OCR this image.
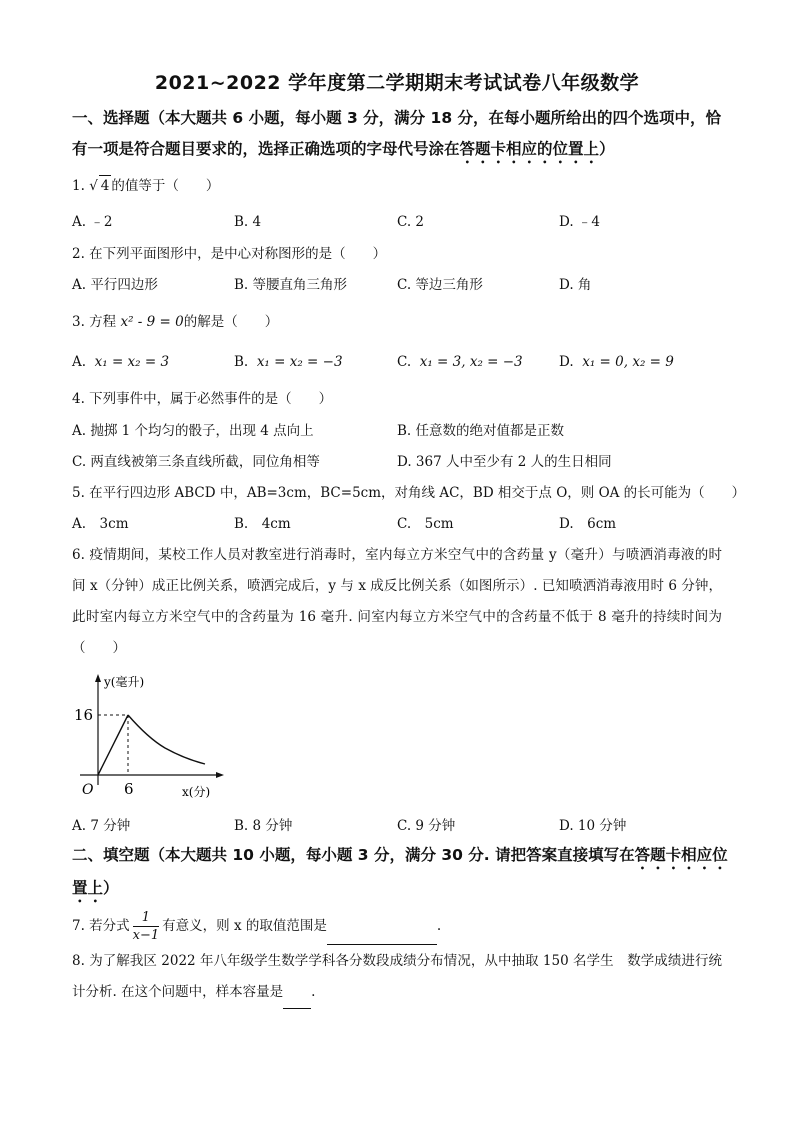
2021~2022 学年度第二学期期末考试试卷八年级数学
一、选择题（本大题共 6 小题，每小题 3 分，满分 18 分，在每小题所给出的四个选项中，恰有一项是符合题目要求的，选择正确选项的字母代号涂在答题卡相应的位置上）
1. √ 4 的值等于（　　）
A. ﹣2	B. 4	C. 2	D. ﹣4
2. 在下列平面图形中，是中心对称图形的是（　　）
A. 平行四边形	B. 等腰直角三角形	C. 等边三角形	D. 角
3. 方程 x² - 9 = 0的解是（　　）
A. x₁ = x₂ = 3	B. x₁ = x₂ = −3	C. x₁ = 3, x₂ = −3	D. x₁ = 0, x₂ = 9
4. 下列事件中，属于必然事件的是（　　）
A. 抛掷 1 个均匀的骰子，出现 4 点向上	B. 任意数的绝对值都是正数
C. 两直线被第三条直线所截，同位角相等	D. 367 人中至少有 2 人的生日相同
5. 在平行四边形 ABCD 中，AB=3cm，BC=5cm，对角线 AC，BD 相交于点 O，则 OA 的长可能为（　　）
A.　3cm	B.　4cm	C.　5cm	D.　6cm
6. 疫情期间，某校工作人员对教室进行消毒时，室内每立方米空气中的含药量 y（毫升）与喷洒消毒液的时间 x（分钟）成正比例关系，喷洒完成后，y 与 x 成反比例关系（如图所示）. 已知喷洒消毒液用时 6 分钟，此时室内每立方米空气中的含药量为 16 毫升. 问室内每立方米空气中的含药量不低于 8 毫升的持续时间为（　　）
y(毫升)
16
O 6	x(分)
A. 7 分钟	B. 8 分钟	C. 9 分钟	D. 10 分钟
二、填空题（本大题共 10 小题，每小题 3 分，满分 30 分. 请把答案直接填写在答题卡相应位置上）
7. 若分式 $\frac{1}{x-1}$ 有意义，则 x 的取值范围是	.
8. 为了解我区 2022 年八年级学生数学学科各分数段成绩分布情况，从中抽取 150 名学生　数学成绩进行统计分析. 在这个问题中，样本容量是 .
